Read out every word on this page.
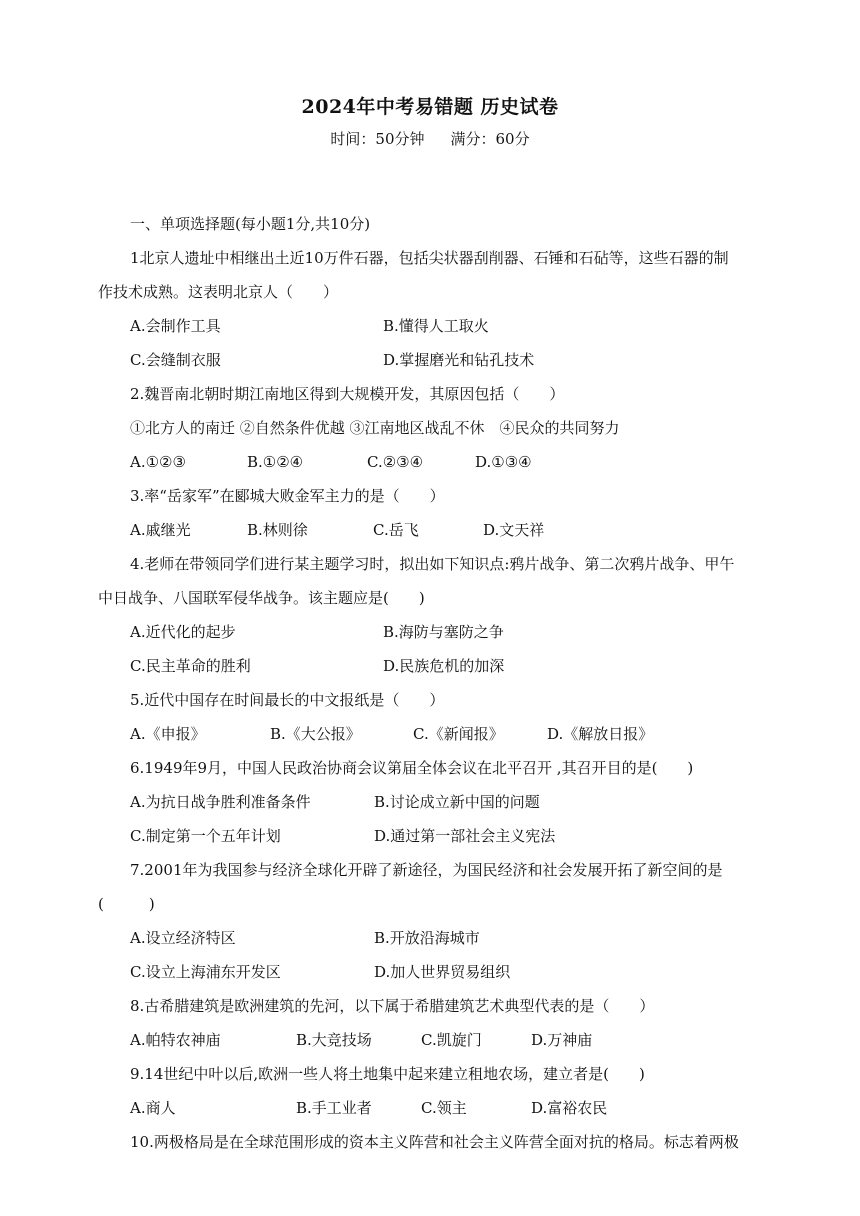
2024年中考易错题 历史试卷
时间：50分钟 满分：60分
一、单项选择题(每小题1分,共10分)
1北京人遗址中相继出土近10万件石器，包括尖状器刮削器、石锤和石砧等，这些石器的制
作技术成熟。这表明北京人（　　）
A.会制作工具	B.懂得人工取火
C.会缝制衣服	D.掌握磨光和钻孔技术
2.魏晋南北朝时期江南地区得到大规模开发，其原因包括（　　）
①北方人的南迁 ②自然条件优越 ③江南地区战乱不休　④民众的共同努力
A.①②③	B.①②④	C.②③④	D.①③④
3.率“岳家军”在郾城大败金军主力的是（　　）
A.戚继光	B.林则徐	C.岳飞	D.文天祥
4.老师在带领同学们进行某主题学习时，拟出如下知识点:鸦片战争、第二次鸦片战争、甲午
中日战争、八国联军侵华战争。该主题应是(　　)
A.近代化的起步	B.海防与塞防之争
C.民主革命的胜利	D.民族危机的加深
5.近代中国存在时间最长的中文报纸是（　　）
A.《申报》	B.《大公报》	C.《新闻报》	D.《解放日报》
6.1949年9月，中国人民政治协商会议第届全体会议在北平召开 ,其召开目的是(　　)
A.为抗日战争胜利准备条件	B.讨论成立新中国的问题
C.制定第一个五年计划	D.通过第一部社会主义宪法
7.2001年为我国参与经济全球化开辟了新途径，为国民经济和社会发展开拓了新空间的是
(　　　)
A.设立经济特区	B.开放沿海城市
C.设立上海浦东开发区	D.加人世界贸易组织
8.古希腊建筑是欧洲建筑的先河，以下属于希腊建筑艺术典型代表的是（　　）
A.帕特农神庙	B.大竞技场	C.凯旋门	D.万神庙
9.14世纪中叶以后,欧洲一些人将土地集中起来建立租地农场，建立者是(　　)
A.商人	B.手工业者	C.领主	D.富裕农民
10.两极格局是在全球范围形成的资本主义阵营和社会主义阵营全面对抗的格局。标志着两极
